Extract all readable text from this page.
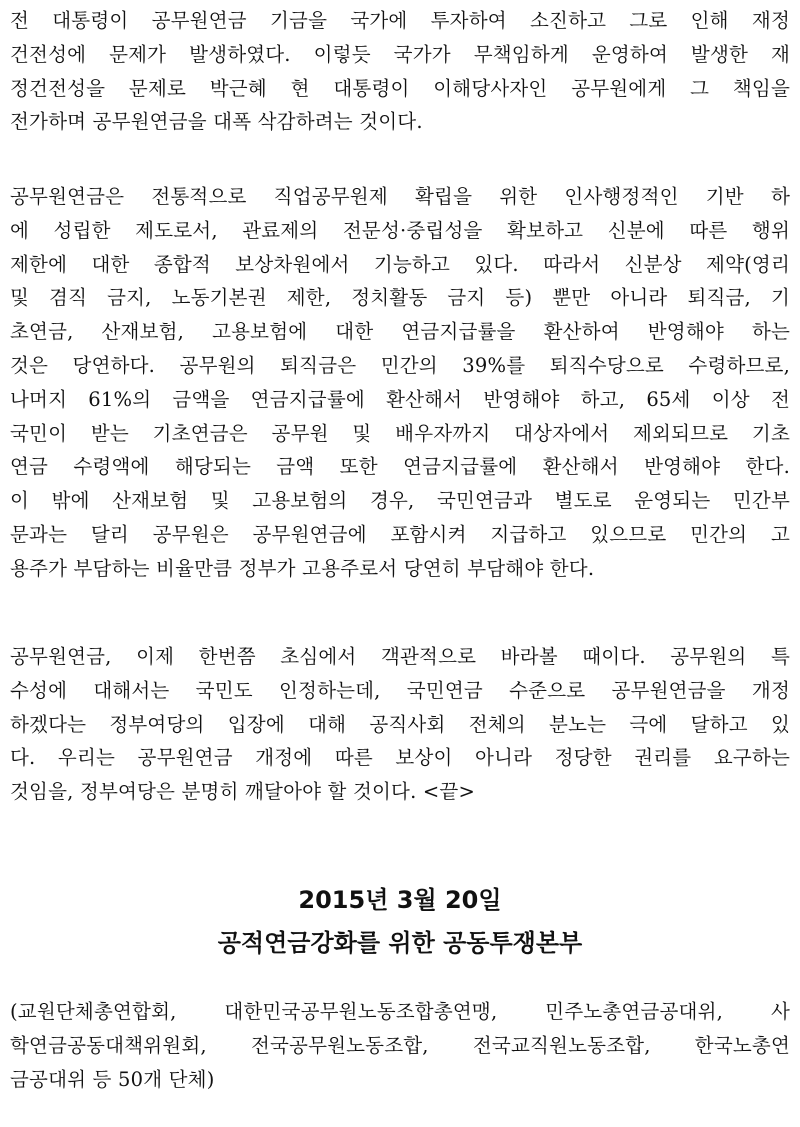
전 대통령이 공무원연금 기금을 국가에 투자하여 소진하고 그로 인해 재정
건전성에 문제가 발생하였다. 이렇듯 국가가 무책임하게 운영하여 발생한 재
정건전성을 문제로 박근혜 현 대통령이 이해당사자인 공무원에게 그 책임을
전가하며 공무원연금을 대폭 삭감하려는 것이다.
공무원연금은 전통적으로 직업공무원제 확립을 위한 인사행정적인 기반 하
에 성립한 제도로서, 관료제의 전문성·중립성을 확보하고 신분에 따른 행위
제한에 대한 종합적 보상차원에서 기능하고 있다. 따라서 신분상 제약(영리
및 겸직 금지, 노동기본권 제한, 정치활동 금지 등) 뿐만 아니라 퇴직금, 기
초연금, 산재보험, 고용보험에 대한 연금지급률을 환산하여 반영해야 하는
것은 당연하다. 공무원의 퇴직금은 민간의 39%를 퇴직수당으로 수령하므로,
나머지 61%의 금액을 연금지급률에 환산해서 반영해야 하고, 65세 이상 전
국민이 받는 기초연금은 공무원 및 배우자까지 대상자에서 제외되므로 기초
연금 수령액에 해당되는 금액 또한 연금지급률에 환산해서 반영해야 한다.
이 밖에 산재보험 및 고용보험의 경우, 국민연금과 별도로 운영되는 민간부
문과는 달리 공무원은 공무원연금에 포함시켜 지급하고 있으므로 민간의 고
용주가 부담하는 비율만큼 정부가 고용주로서 당연히 부담해야 한다.
공무원연금, 이제 한번쯤 초심에서 객관적으로 바라볼 때이다. 공무원의 특
수성에 대해서는 국민도 인정하는데, 국민연금 수준으로 공무원연금을 개정
하겠다는 정부여당의 입장에 대해 공직사회 전체의 분노는 극에 달하고 있
다. 우리는 공무원연금 개정에 따른 보상이 아니라 정당한 권리를 요구하는
것임을, 정부여당은 분명히 깨달아야 할 것이다. <끝>
2015년 3월 20일
공적연금강화를 위한 공동투쟁본부
(교원단체총연합회, 대한민국공무원노동조합총연맹, 민주노총연금공대위, 사
학연금공동대책위원회, 전국공무원노동조합, 전국교직원노동조합, 한국노총연
금공대위 등 50개 단체)
